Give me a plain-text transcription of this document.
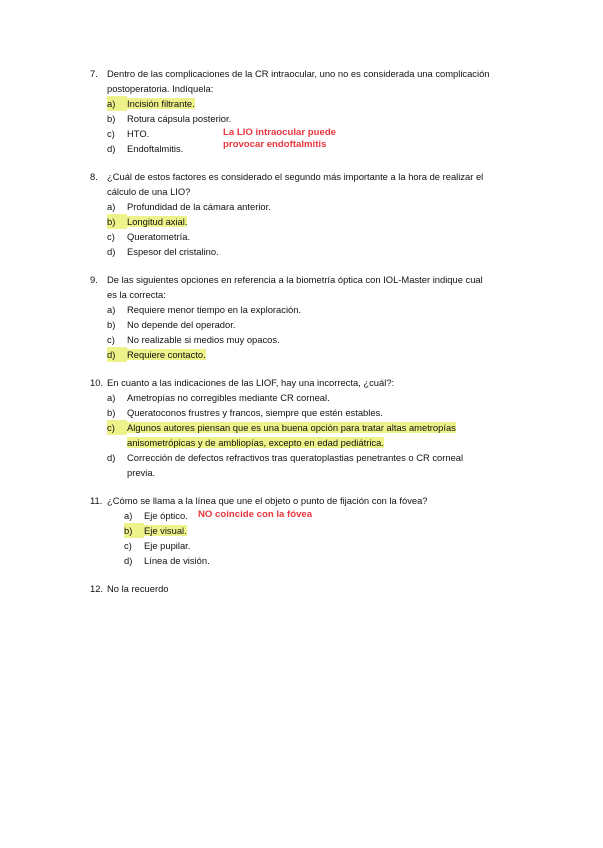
7. Dentro de las complicaciones de la CR intraocular, uno no es considerada una complicación
postoperatoria. Indíquela:
a) Incisión filtrante.
b) Rotura cápsula posterior.
c) HTO.
d) Endoftalmitis.
La LIO intraocular puede
provocar endoftalmitis
8. ¿Cuál de estos factores es considerado el segundo más importante a la hora de realizar el
cálculo de una LIO?
a) Profundidad de la cámara anterior.
b) Longitud axial.
c) Queratometría.
d) Espesor del cristalino.
9. De las siguientes opciones en referencia a la biometría óptica con IOL-Master indique cual
es la correcta:
a) Requiere menor tiempo en la exploración.
b) No depende del operador.
c) No realizable si medios muy opacos.
d) Requiere contacto.
10. En cuanto a las indicaciones de las LIOF, hay una incorrecta, ¿cuál?:
a) Ametropías no corregibles mediante CR corneal.
b) Queratoconos frustres y francos, siempre que estén estables.
c) Algunos autores piensan que es una buena opción para tratar altas ametropías
anisometrópicas y de ambliopías, excepto en edad pediátrica.
d) Corrección de defectos refractivos tras queratoplastias penetrantes o CR corneal
previa.
11. ¿Cómo se llama a la línea que une el objeto o punto de fijación con la fóvea?
a) Eje óptico.
b) Eje visual.
c) Eje pupilar.
d) Línea de visión.
NO coincide con la fóvea
12. No la recuerdo
